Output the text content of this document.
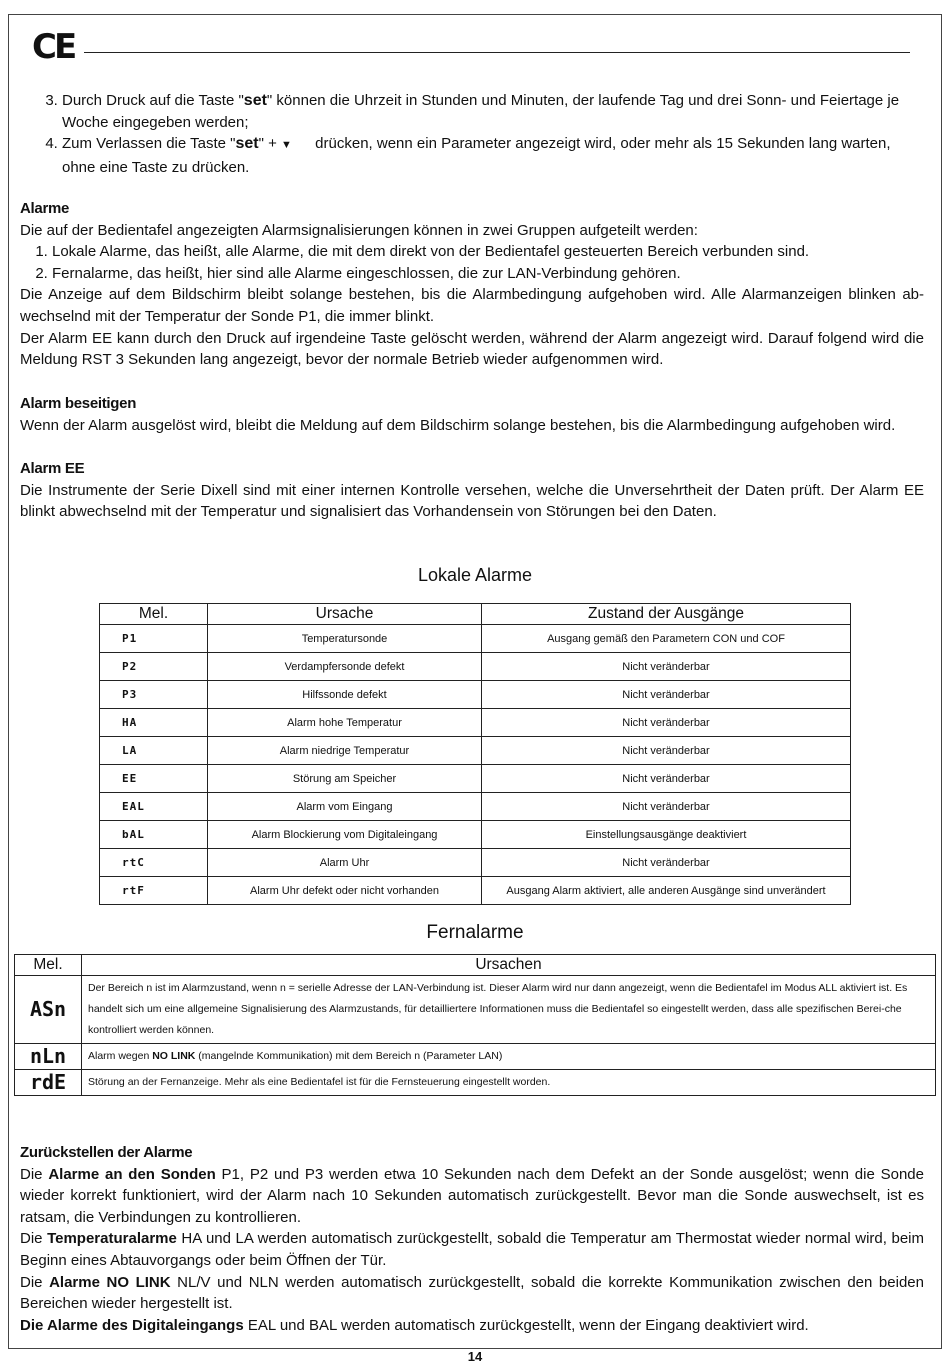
CE
3. Durch Druck auf die Taste "set" können die Uhrzeit in Stunden und Minuten, der laufende Tag und drei Sonn- und Feiertage je Woche eingegeben werden;
4. Zum Verlassen die Taste "set" + ▼ drücken, wenn ein Parameter angezeigt wird, oder mehr als 15 Sekunden lang warten, ohne eine Taste zu drücken.

Alarme

Die auf der Bedientafel angezeigten Alarmsignalisierungen können in zwei Gruppen aufgeteilt werden:

1. Lokale Alarme, das heißt, alle Alarme, die mit dem direkt von der Bedientafel gesteuerten Bereich verbunden sind.
2. Fernalarme, das heißt, hier sind alle Alarme eingeschlossen, die zur LAN-Verbindung gehören.

Die Anzeige auf dem Bildschirm bleibt solange bestehen, bis die Alarmbedingung aufgehoben wird. Alle Alarmanzeigen blinken ab-wechselnd mit der Temperatur der Sonde P1, die immer blinkt.

Der Alarm EE kann durch den Druck auf irgendeine Taste gelöscht werden, während der Alarm angezeigt wird. Darauf folgend wird die Meldung RST 3 Sekunden lang angezeigt, bevor der normale Betrieb wieder aufgenommen wird.

Alarm beseitigen

Wenn der Alarm ausgelöst wird, bleibt die Meldung auf dem Bildschirm solange bestehen, bis die Alarmbedingung aufgehoben wird.

Alarm EE

Die Instrumente der Serie Dixell sind mit einer internen Kontrolle versehen, welche die Unversehrtheit der Daten prüft. Der Alarm EE blinkt abwechselnd mit der Temperatur und signalisiert das Vorhandensein von Störungen bei den Daten.

Lokale Alarme
Mel.	Ursache	Zustand der Ausgänge
P1	Temperatursonde	Ausgang gemäß den Parametern CON und COF
P2	Verdampfersonde defekt	Nicht veränderbar
P3	Hilfssonde defekt	Nicht veränderbar
HA	Alarm hohe Temperatur	Nicht veränderbar
LA	Alarm niedrige Temperatur	Nicht veränderbar
EE	Störung am Speicher	Nicht veränderbar
EAL	Alarm vom Eingang	Nicht veränderbar
bAL	Alarm Blockierung vom Digitaleingang	Einstellungsausgänge deaktiviert
rtC	Alarm Uhr	Nicht veränderbar
rtF	Alarm Uhr defekt oder nicht vorhanden	Ausgang Alarm aktiviert, alle anderen Ausgänge sind unverändert
Fernalarme
Mel.	Ursachen
ASn	Der Bereich n ist im Alarmzustand, wenn n = serielle Adresse der LAN-Verbindung ist. Dieser Alarm wird nur dann angezeigt, wenn die Bedientafel im Modus ALL aktiviert ist. Es handelt sich um eine allgemeine Signalisierung des Alarmzustands, für detailliertere Informationen muss die Bedientafel so eingestellt werden, dass alle spezifischen Berei-che kontrolliert werden können.
nLn	Alarm wegen NO LINK (mangelnde Kommunikation) mit dem Bereich n (Parameter LAN)
rdE	Störung an der Fernanzeige. Mehr als eine Bedientafel ist für die Fernsteuerung eingestellt worden.

Zurückstellen der Alarme

Die Alarme an den Sonden P1, P2 und P3 werden etwa 10 Sekunden nach dem Defekt an der Sonde ausgelöst; wenn die Sonde wieder korrekt funktioniert, wird der Alarm nach 10 Sekunden automatisch zurückgestellt. Bevor man die Sonde auswechselt, ist es ratsam, die Verbindungen zu kontrollieren.

Die Temperaturalarme HA und LA werden automatisch zurückgestellt, sobald die Temperatur am Thermostat wieder normal wird, beim Beginn eines Abtauvorgangs oder beim Öffnen der Tür.

Die Alarme NO LINK NL/V und NLN werden automatisch zurückgestellt, sobald die korrekte Kommunikation zwischen den beiden Bereichen wieder hergestellt ist.

Die Alarme des Digitaleingangs EAL und BAL werden automatisch zurückgestellt, wenn der Eingang deaktiviert wird.

14
